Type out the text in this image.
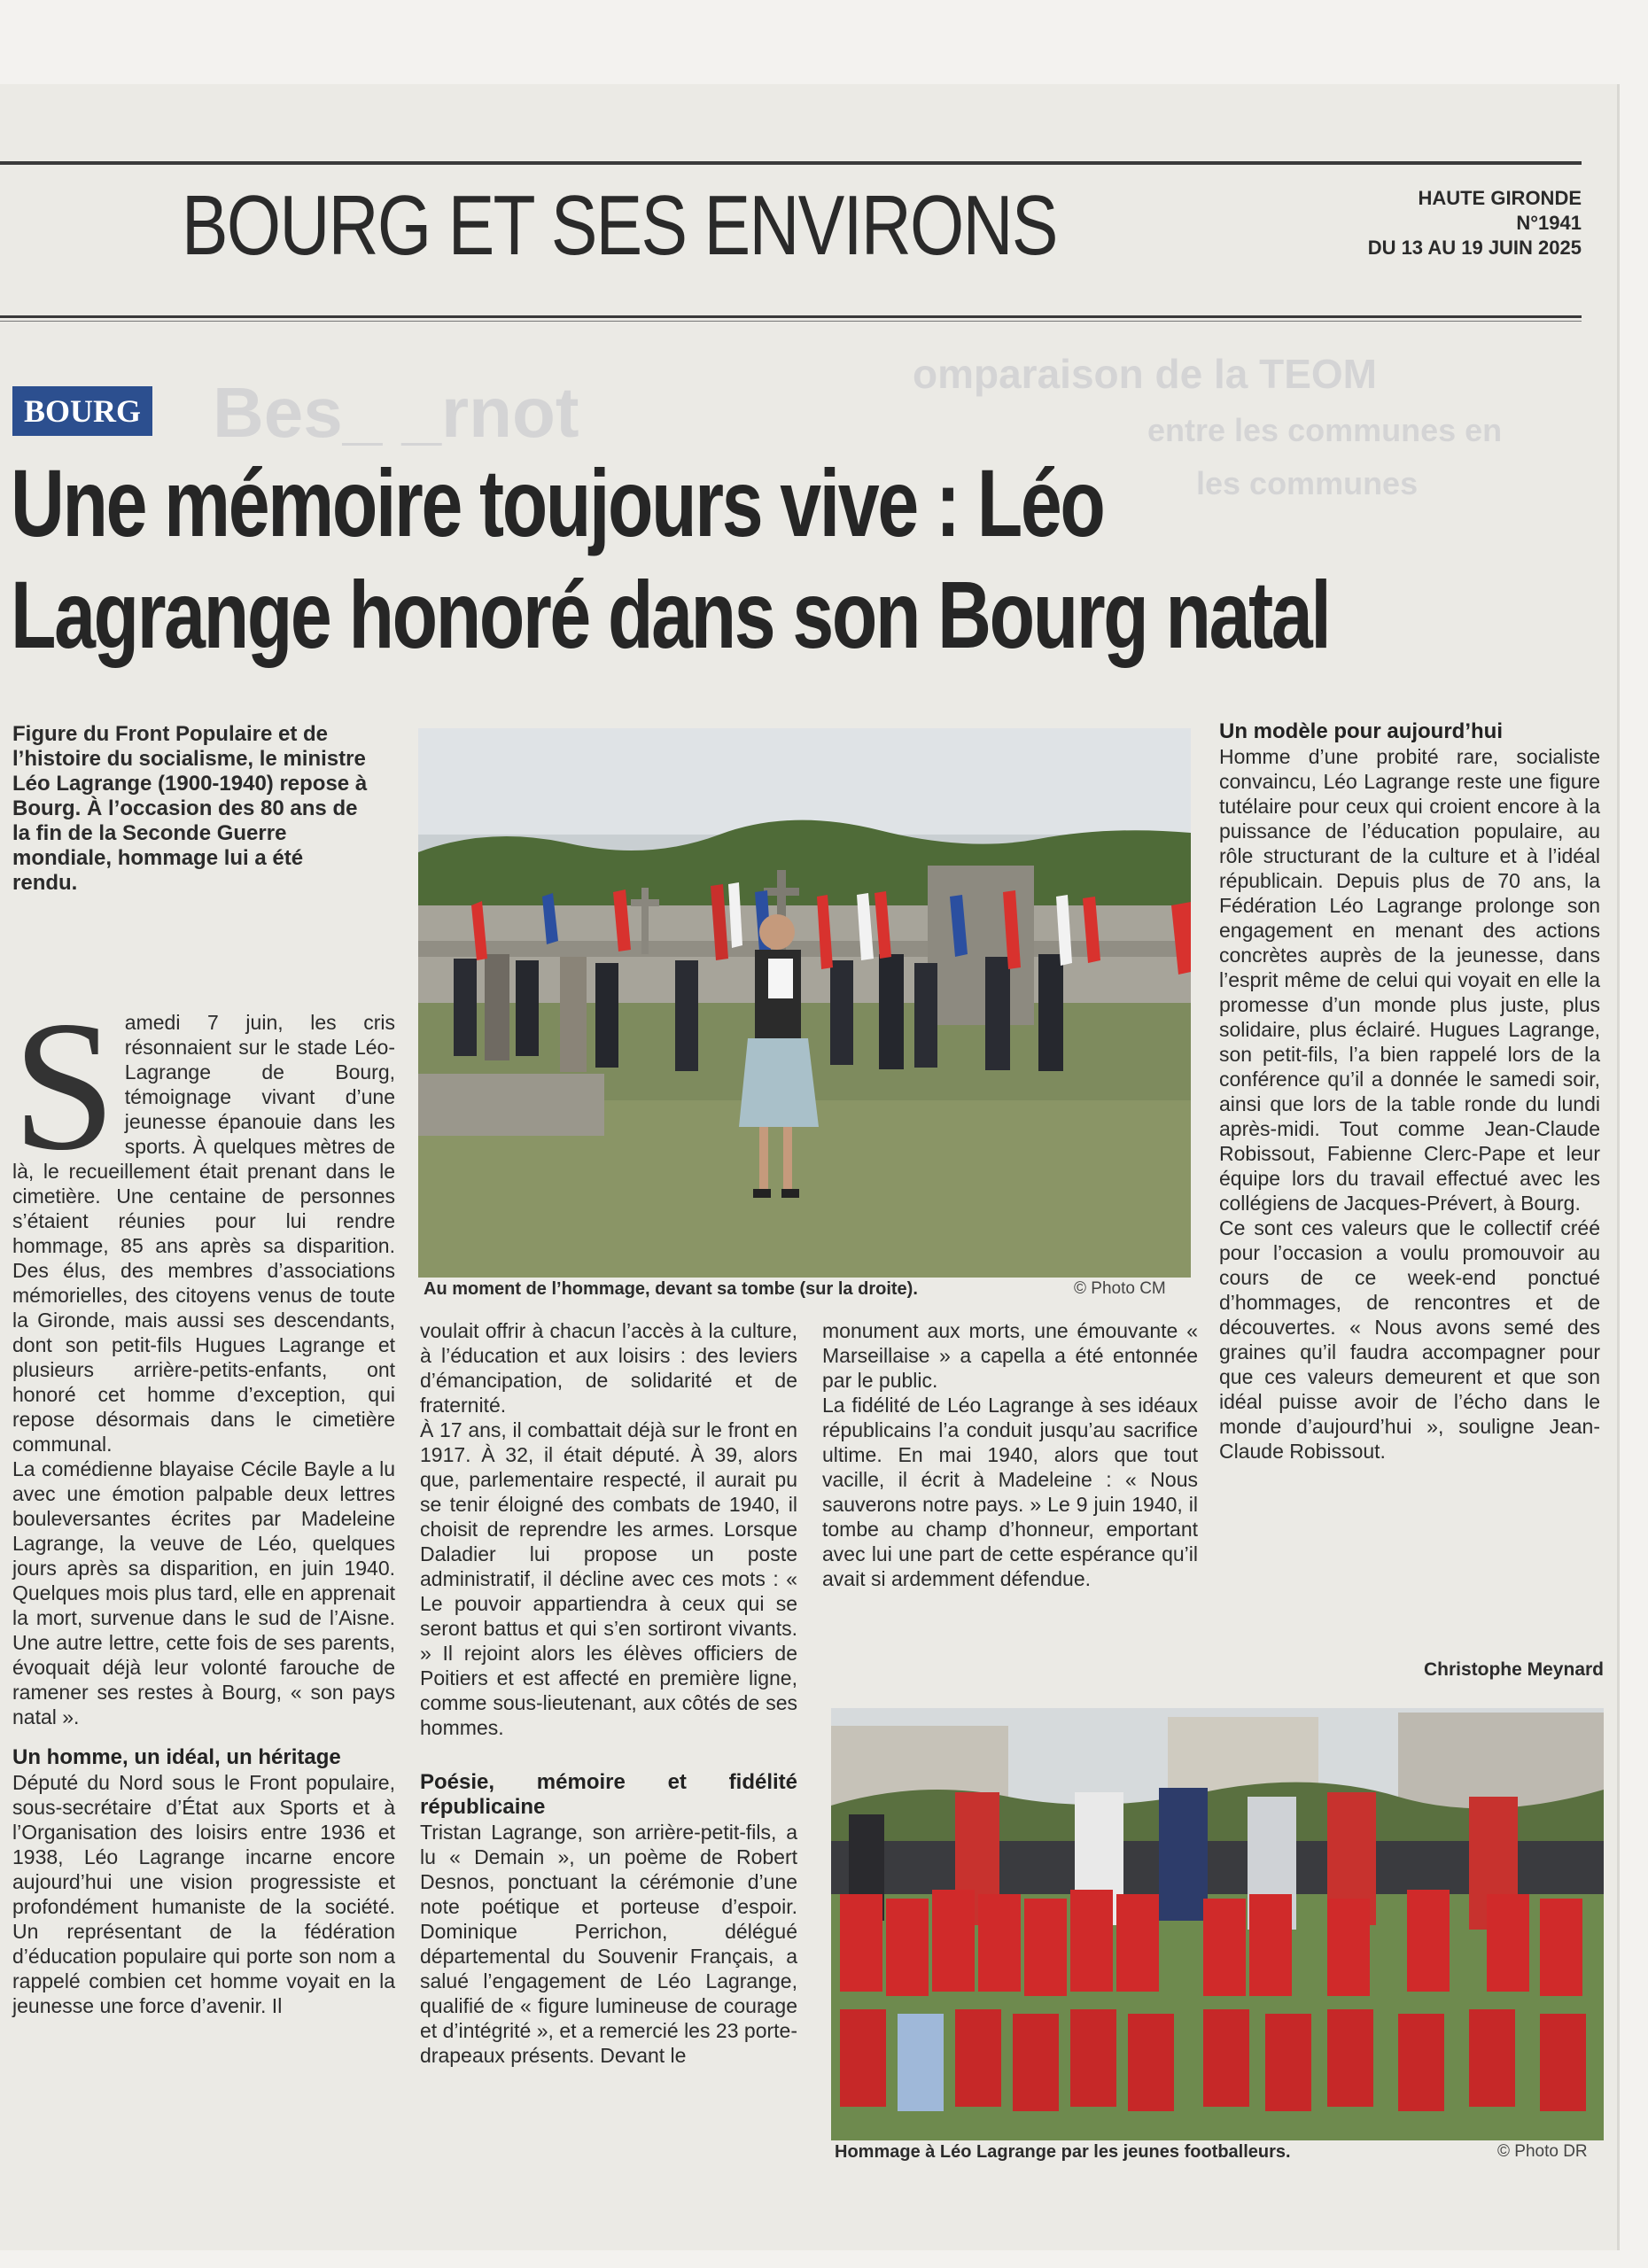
omparaison de la TEOM
entre les communes en
les communes
Bes_ _rnot
BOURG ET SES ENVIRONS	HAUTE GIRONDE
N°1941
DU 13 AU 19 JUIN 2025
BOURG
Une mémoire toujours vive : Léo
Lagrange honoré dans son Bourg natal
Figure du Front Populaire et de l’histoire du socialisme, le ministre Léo Lagrange (1900-1940) repose à Bourg. À l’occasion des 80 ans de la fin de la Seconde Guerre mondiale, hommage lui a été rendu.

Samedi 7 juin, les cris résonnaient sur le stade Léo-Lagrange de Bourg, témoignage vivant d’une jeunesse épanouie dans les sports. À quelques mètres de là, le recueillement était prenant dans le cimetière. Une centaine de personnes s’étaient réunies pour lui rendre hommage, 85 ans après sa disparition. Des élus, des membres d’associations mémorielles, des citoyens venus de toute la Gironde, mais aussi ses descendants, dont son petit-fils Hugues Lagrange et plusieurs arrière-petits-enfants, ont honoré cet homme d’exception, qui repose désormais dans le cimetière communal.

La comédienne blayaise Cécile Bayle a lu avec une émotion palpable deux lettres bouleversantes écrites par Madeleine Lagrange, la veuve de Léo, quelques jours après sa disparition, en juin 1940. Quelques mois plus tard, elle en apprenait la mort, survenue dans le sud de l’Aisne. Une autre lettre, cette fois de ses parents, évoquait déjà leur volonté farouche de ramener ses restes à Bourg, « son pays natal ».

Un homme, un idéal, un héritage

Député du Nord sous le Front populaire, sous-secrétaire d’État aux Sports et à l’Organisation des loisirs entre 1936 et 1938, Léo Lagrange incarne encore aujourd’hui une vision progressiste et profondément humaniste de la société. Un représentant de la fédération d’éducation populaire qui porte son nom a rappelé combien cet homme voyait en la jeunesse une force d’avenir. Il

Au moment de l’hommage, devant sa tombe (sur la droite).	© Photo CM

voulait offrir à chacun l’accès à la culture, à l’éducation et aux loisirs : des leviers d’émancipation, de solidarité et de fraternité.

À 17 ans, il combattait déjà sur le front en 1917. À 32, il était député. À 39, alors que, parlementaire respecté, il aurait pu se tenir éloigné des combats de 1940, il choisit de reprendre les armes. Lorsque Daladier lui propose un poste administratif, il décline avec ces mots : « Le pouvoir appartiendra à ceux qui se seront battus et qui s’en sortiront vivants. » Il rejoint alors les élèves officiers de Poitiers et est affecté en première ligne, comme sous-lieutenant, aux côtés de ses hommes.

Poésie, mémoire et fidélité républicaine

Tristan Lagrange, son arrière-petit-fils, a lu « Demain », un poème de Robert Desnos, ponctuant la cérémonie d’une note poétique et porteuse d’espoir. Dominique Perrichon, délégué départemental du Souvenir Français, a salué l’engagement de Léo Lagrange, qualifié de « figure lumineuse de courage et d’intégrité », et a remercié les 23 porte-drapeaux présents. Devant le

monument aux morts, une émouvante « Marseillaise » a capella a été entonnée par le public.

La fidélité de Léo Lagrange à ses idéaux républicains l’a conduit jusqu’au sacrifice ultime. En mai 1940, alors que tout vacille, il écrit à Madeleine : « Nous sauverons notre pays. » Le 9 juin 1940, il tombe au champ d’honneur, emportant avec lui une part de cette espérance qu’il avait si ardemment défendue.

Un modèle pour aujourd’hui

Homme d’une probité rare, socialiste convaincu, Léo Lagrange reste une figure tutélaire pour ceux qui croient encore à la puissance de l’éducation populaire, au rôle structurant de la culture et à l’idéal républicain. Depuis plus de 70 ans, la Fédération Léo Lagrange prolonge son engagement en menant des actions concrètes auprès de la jeunesse, dans l’esprit même de celui qui voyait en elle la promesse d’un monde plus juste, plus solidaire, plus éclairé. Hugues Lagrange, son petit-fils, l’a bien rappelé lors de la conférence qu’il a donnée le samedi soir, ainsi que lors de la table ronde du lundi après-midi. Tout comme Jean-Claude Robissout, Fabienne Clerc-Pape et leur équipe lors du travail effectué avec les collégiens de Jacques-Prévert, à Bourg.

Ce sont ces valeurs que le collectif créé pour l’occasion a voulu promouvoir au cours de ce week-end ponctué d’hommages, de rencontres et de découvertes. « Nous avons semé des graines qu’il faudra accompagner pour que ces valeurs demeurent et que son idéal puisse avoir de l’écho dans le monde d’aujourd’hui », souligne Jean-Claude Robissout.

Christophe Meynard
Hommage à Léo Lagrange par les jeunes footballeurs.	© Photo DR
